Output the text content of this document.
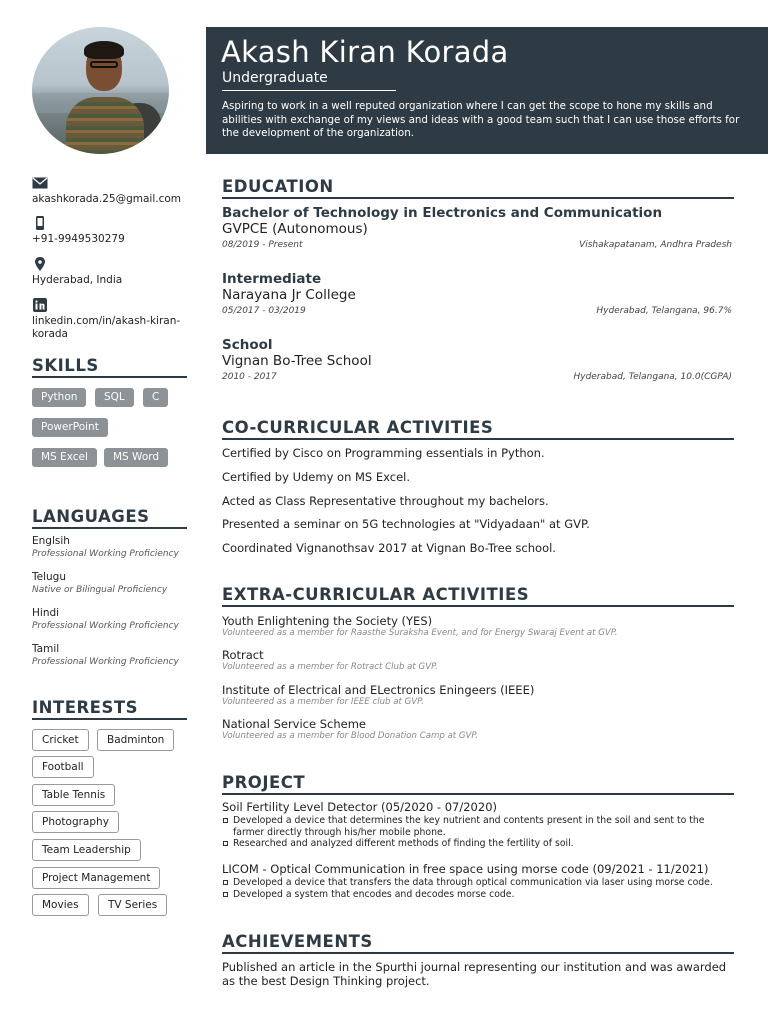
Akash Kiran Korada
Undergraduate
Aspiring to work in a well reputed organization where I can get the scope to hone my skills and abilities with exchange of my views and ideas with a good team such that I can use those efforts for the development of the organization.
akashkorada.25@gmail.com
+91-9949530279
Hyderabad, India
linkedin.com/in/akash-kiran-korada
SKILLS
Python	SQL	C
PowerPoint
MS Excel	MS Word
LANGUAGES
Englsih
Professional Working Proficiency
Telugu
Native or Bilingual Proficiency
Hindi
Professional Working Proficiency
Tamil
Professional Working Proficiency
INTERESTS
Cricket	Badminton
Football
Table Tennis
Photography
Team Leadership
Project Management
Movies	TV Series
EDUCATION
Bachelor of Technology in Electronics and Communication
GVPCE (Autonomous)
08/2019 - Present	Vishakapatanam, Andhra Pradesh
Intermediate
Narayana Jr College
05/2017 - 03/2019	Hyderabad, Telangana, 96.7%
School
Vignan Bo-Tree School
2010 - 2017	Hyderabad, Telangana, 10.0(CGPA)
CO-CURRICULAR ACTIVITIES
Certified by Cisco on Programming essentials in Python.
Certified by Udemy on MS Excel.
Acted as Class Representative throughout my bachelors.
Presented a seminar on 5G technologies at "Vidyadaan" at GVP.
Coordinated Vignanothsav 2017 at Vignan Bo-Tree school.
EXTRA-CURRICULAR ACTIVITIES
Youth Enlightening the Society (YES)
Volunteered as a member for Raasthe Suraksha Event, and for Energy Swaraj Event at GVP.
Rotract
Volunteered as a member for Rotract Club at GVP.
Institute of Electrical and ELectronics Eningeers (IEEE)
Volunteered as a member for IEEE club at GVP.
National Service Scheme
Volunteered as a member for Blood Donation Camp at GVP.
PROJECT
Soil Fertility Level Detector (05/2020 - 07/2020)
Developed a device that determines the key nutrient and contents present in the soil and sent to the farmer directly through his/her mobile phone.
Researched and analyzed different methods of finding the fertility of soil.
LICOM - Optical Communication in free space using morse code (09/2021 - 11/2021)
Developed a device that transfers the data through optical communication via laser using morse code.
Developed a system that encodes and decodes morse code.
ACHIEVEMENTS
Published an article in the Spurthi journal representing our institution and was awarded as the best Design Thinking project.
